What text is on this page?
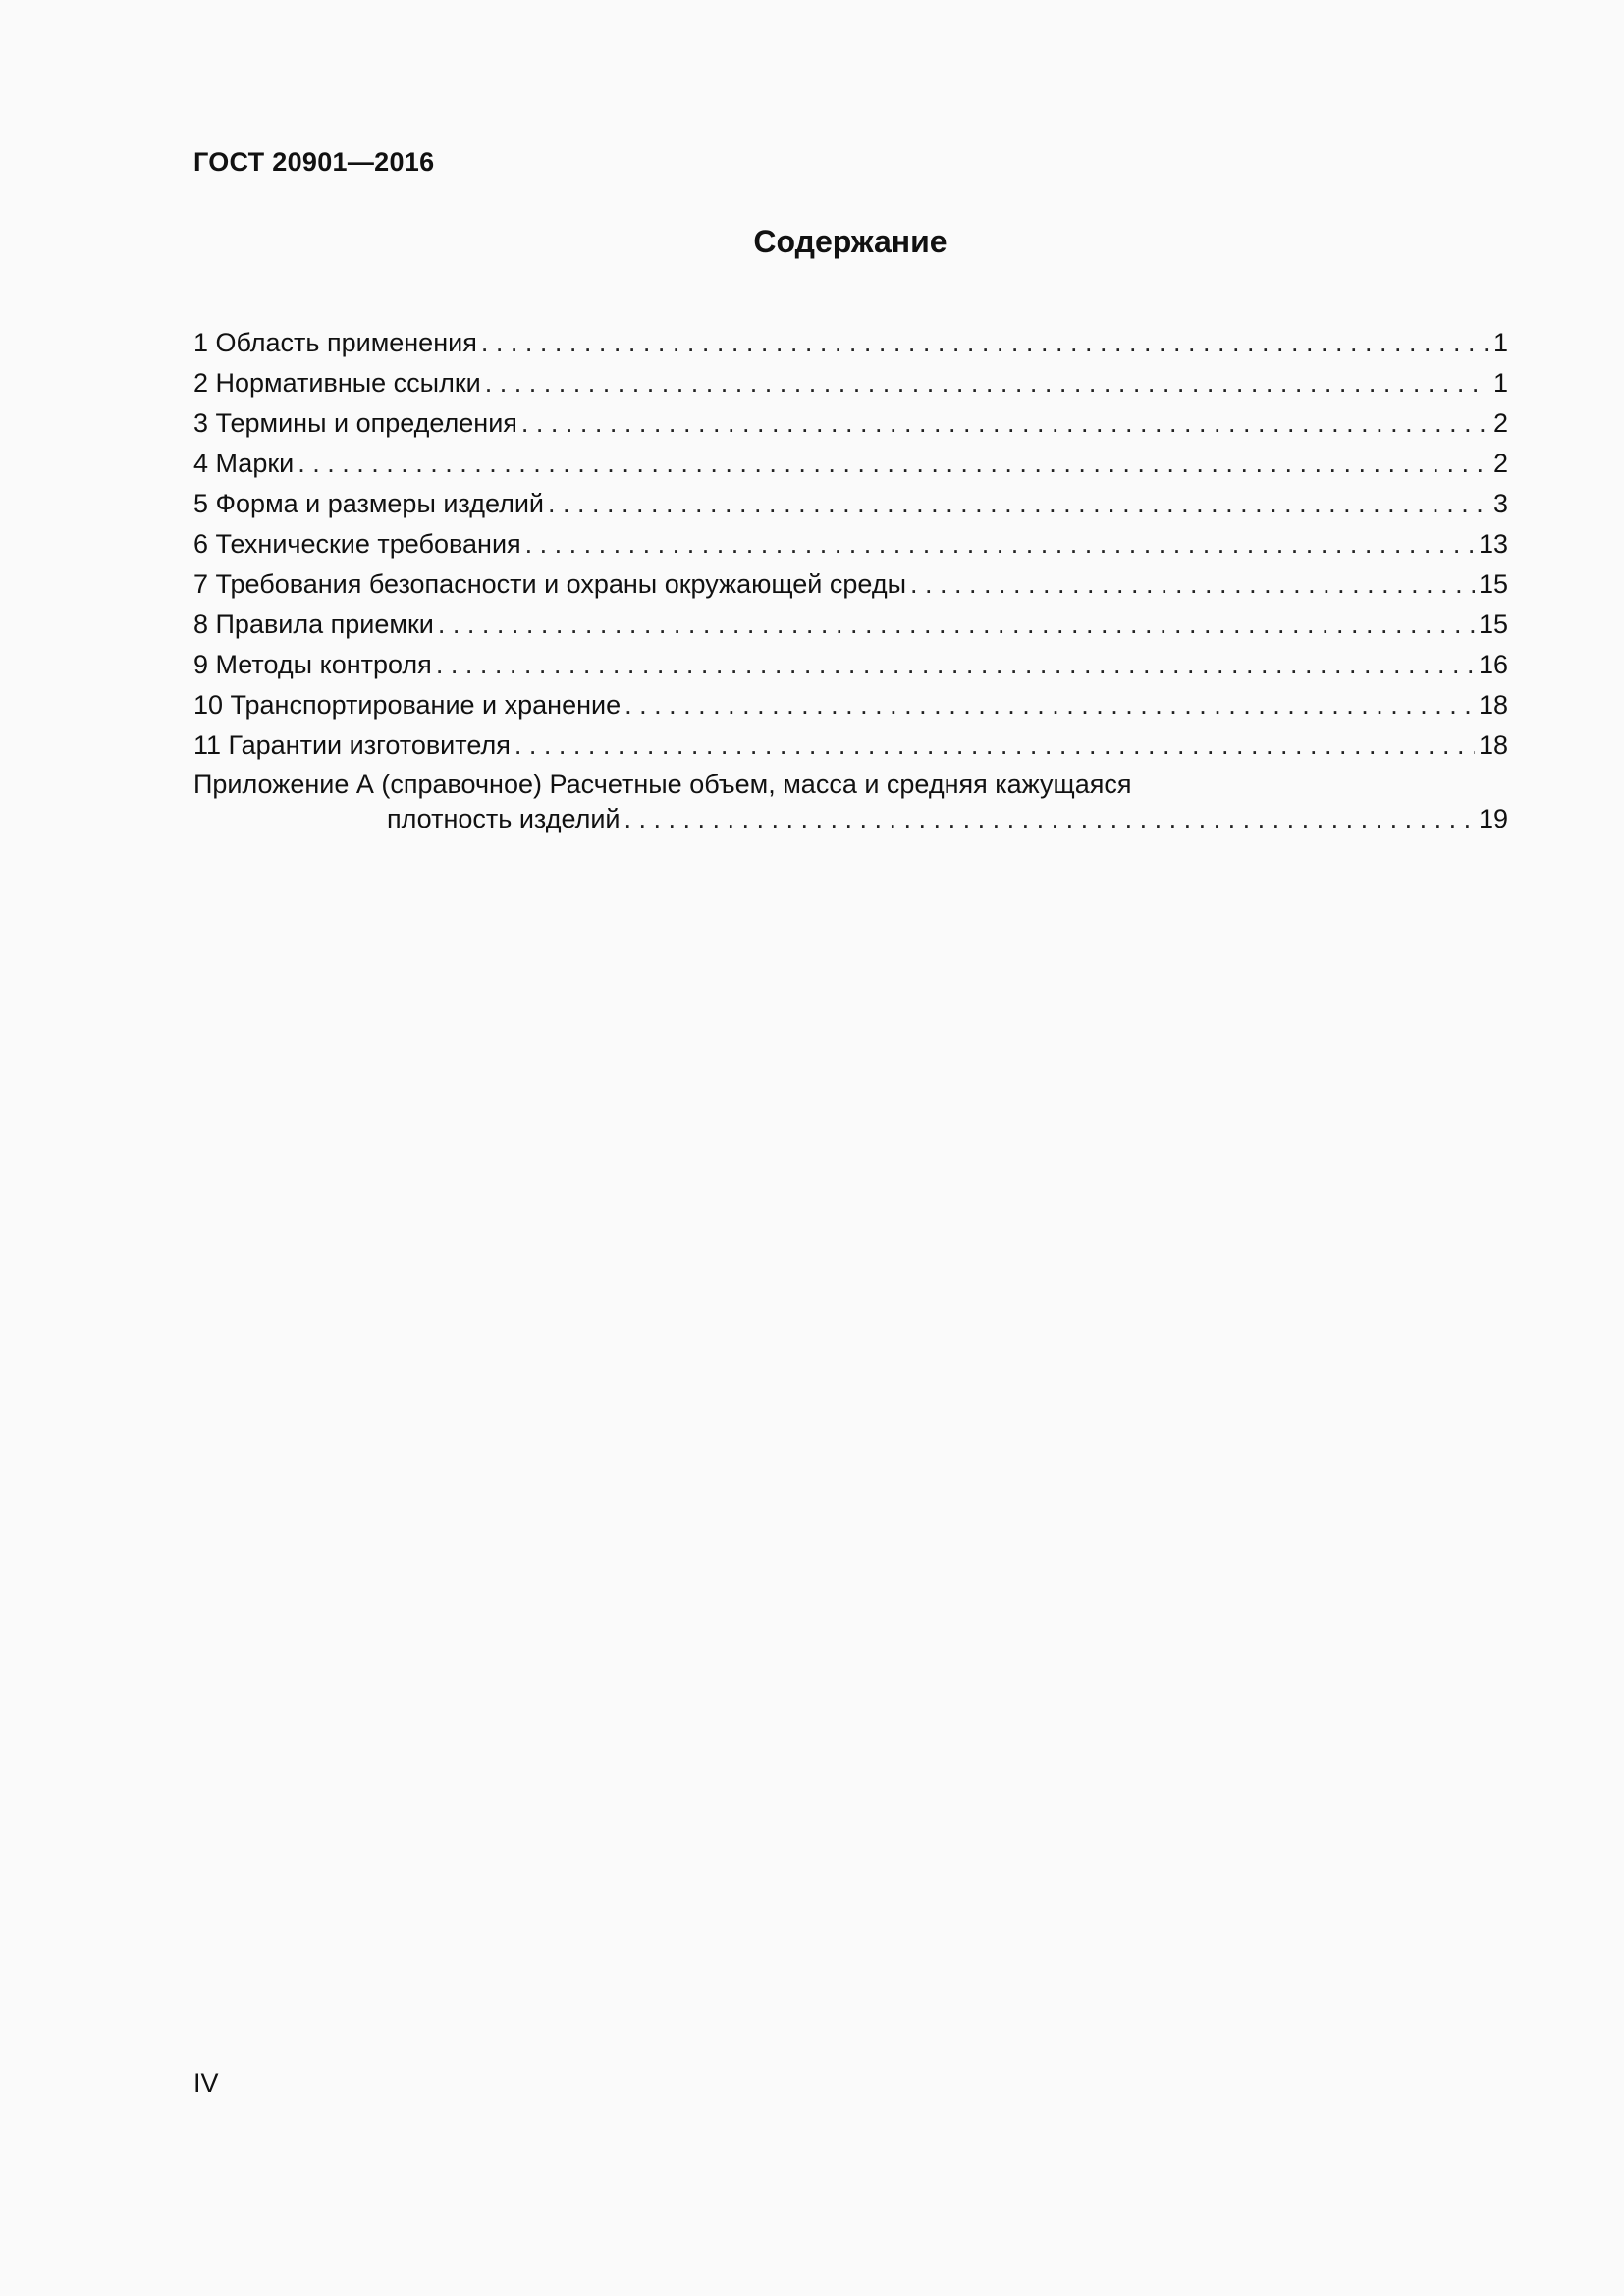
ГОСТ 20901—2016
Содержание
1 Область применения . . .	1
2 Нормативные ссылки . . .	1
3 Термины и определения . . .	2
4 Марки . . .	2
5 Форма и размеры изделий . . .	3
6 Технические требования . . .	13
7 Требования безопасности и охраны окружающей среды . . .	15
8 Правила приемки . . .	15
9 Методы контроля . . .	16
10 Транспортирование и хранение . . .	18
11 Гарантии изготовителя . . .	18
Приложение А (справочное) Расчетные объем, масса и средняя кажущаяся
плотность изделий . . .	19
IV
